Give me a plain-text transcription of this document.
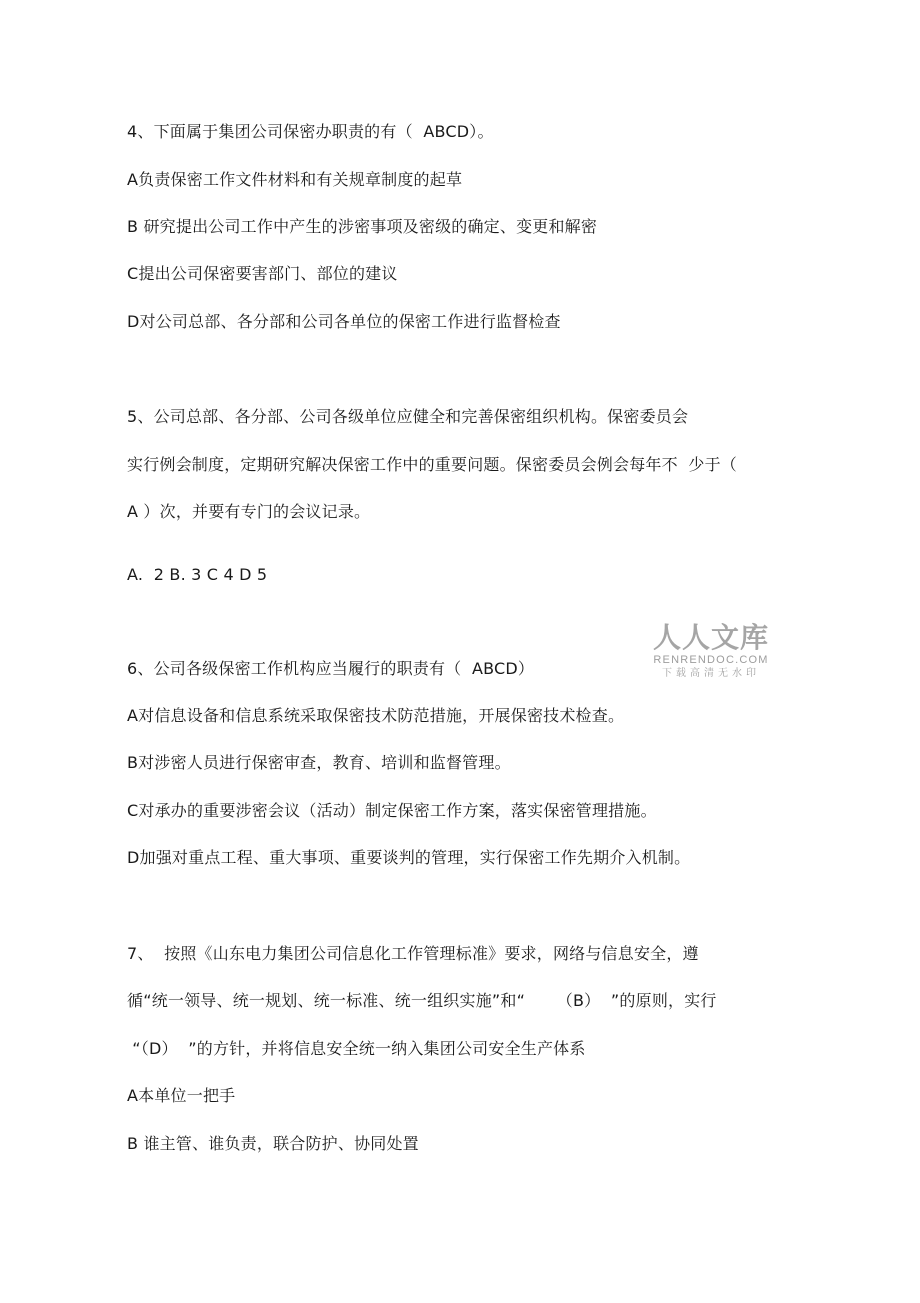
4、下面属于集团公司保密办职责的有（  ABCD）。
A负责保密工作文件材料和有关规章制度的起草
B 研究提出公司工作中产生的涉密事项及密级的确定、变更和解密
C提出公司保密要害部门、部位的建议
D对公司总部、各分部和公司各单位的保密工作进行监督检查
5、公司总部、各分部、公司各级单位应健全和完善保密组织机构。保密委员会
实行例会制度，定期研究解决保密工作中的重要问题。保密委员会例会每年不  少于（
A ）次，并要有专门的会议记录。
A.  2 B. 3 C 4 D 5
人人文库
RENRENDOC.COM
下载高清无水印
6、公司各级保密工作机构应当履行的职责有（  ABCD）
A对信息设备和信息系统采取保密技术防范措施，开展保密技术检查。
B对涉密人员进行保密审查，教育、培训和监督管理。
C对承办的重要涉密会议（活动）制定保密工作方案，落实保密管理措施。
D加强对重点工程、重大事项、重要谈判的管理，实行保密工作先期介入机制。
7、  按照《山东电力集团公司信息化工作管理标准》要求，网络与信息安全，遵
循“统一领导、统一规划、统一标准、统一组织实施”和“      （B）  ”的原则，实行
“（D）  ”的方针，并将信息安全统一纳入集团公司安全生产体系
A本单位一把手
B 谁主管、谁负责，联合防护、协同处置
